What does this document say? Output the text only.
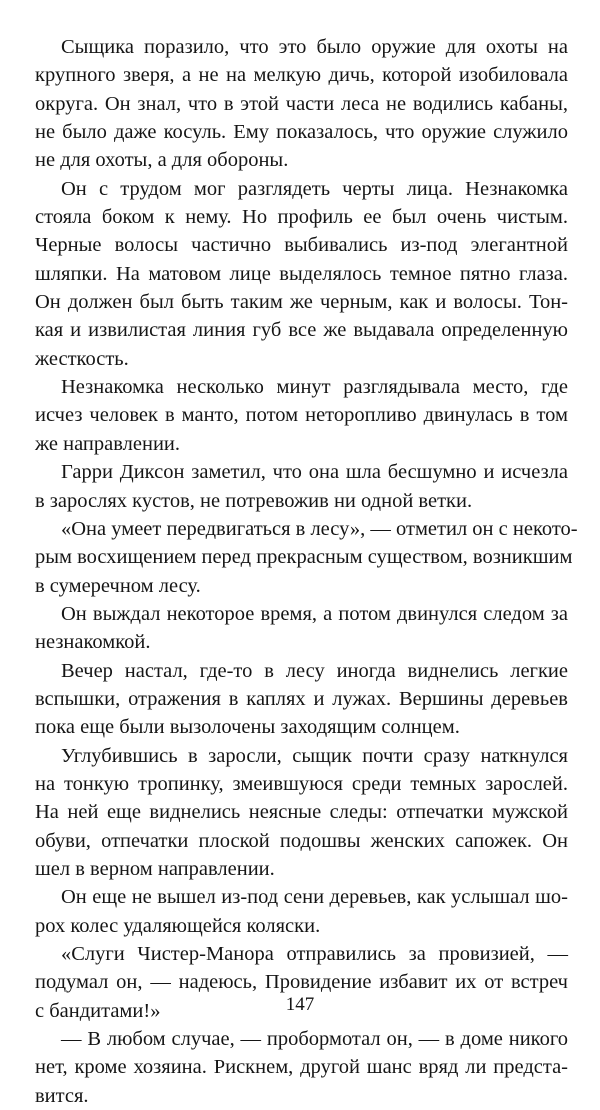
Сыщика поразило, что это было оружие для охоты на
крупного зверя, а не на мелкую дичь, которой изобиловала
округа. Он знал, что в этой части леса не водились кабаны,
не было даже косуль. Ему показалось, что оружие служило
не для охоты, а для обороны.
Он с трудом мог разглядеть черты лица. Незнакомка
стояла боком к нему. Но профиль ее был очень чистым.
Черные волосы частично выбивались из-под элегантной
шляпки. На матовом лице выделялось темное пятно глаза.
Он должен был быть таким же черным, как и волосы. Тон-
кая и извилистая линия губ все же выдавала определенную
жесткость.
Незнакомка несколько минут разглядывала место, где
исчез человек в манто, потом неторопливо двинулась в том
же направлении.
Гарри Диксон заметил, что она шла бесшумно и исчезла
в зарослях кустов, не потревожив ни одной ветки.
«Она умеет передвигаться в лесу», — отметил он с некото-
рым восхищением перед прекрасным существом, возникшим
в сумеречном лесу.
Он выждал некоторое время, а потом двинулся следом за
незнакомкой.
Вечер настал, где-то в лесу иногда виднелись легкие
вспышки, отражения в каплях и лужах. Вершины деревьев
пока еще были вызолочены заходящим солнцем.
Углубившись в заросли, сыщик почти сразу наткнулся
на тонкую тропинку, змеившуюся среди темных зарослей.
На ней еще виднелись неясные следы: отпечатки мужской
обуви, отпечатки плоской подошвы женских сапожек. Он
шел в верном направлении.
Он еще не вышел из-под сени деревьев, как услышал шо-
рох колес удаляющейся коляски.
«Слуги Чистер-Манора отправились за провизией, —
подумал он, — надеюсь, Провидение избавит их от встреч
с бандитами!»
— В любом случае, — пробормотал он, — в доме никого
нет, кроме хозяина. Рискнем, другой шанс вряд ли предста-
вится.
147
